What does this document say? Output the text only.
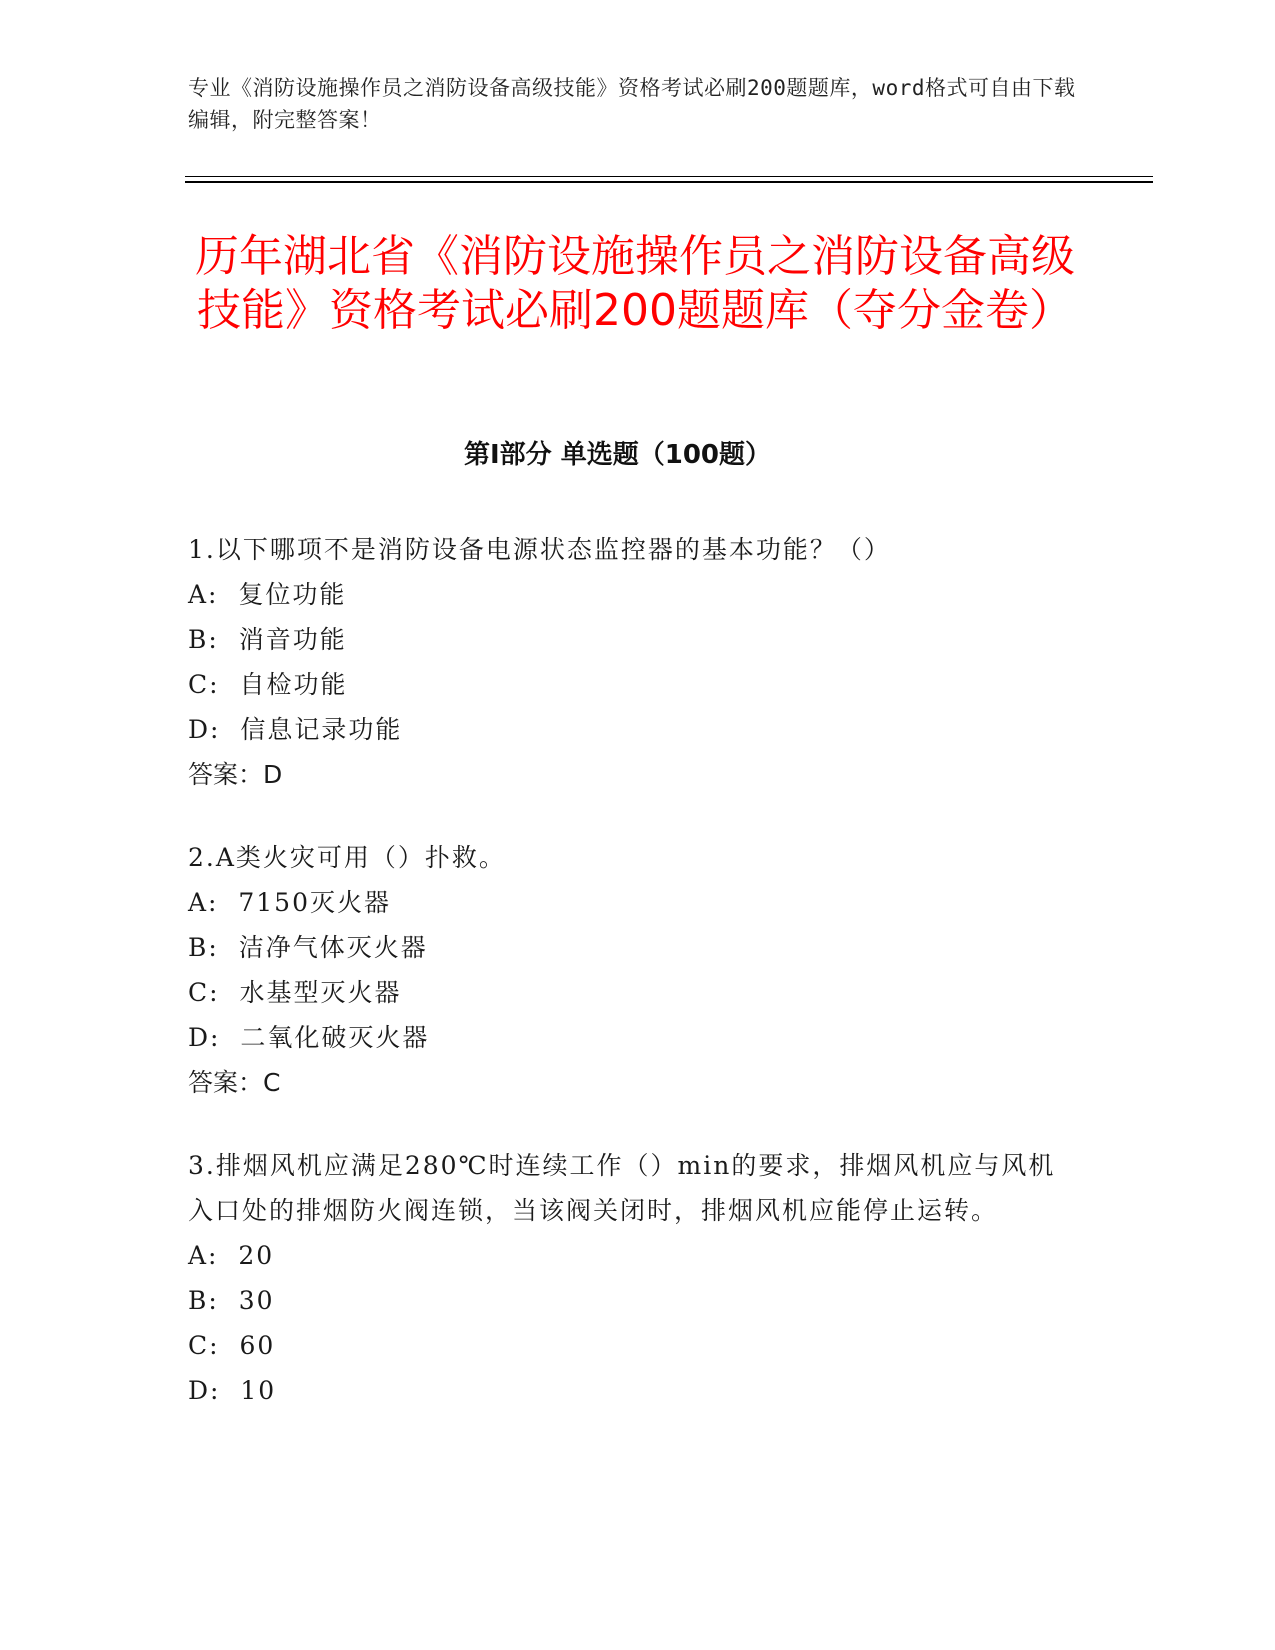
专业《消防设施操作员之消防设备高级技能》资格考试必刷200题题库，word格式可自由下载编辑，附完整答案！
历年湖北省《消防设施操作员之消防设备高级技能》资格考试必刷200题题库（夺分金卷）
第I部分 单选题（100题）

1.以下哪项不是消防设备电源状态监控器的基本功能？（）

A:  复位功能

B:  消音功能

C:  自检功能

D:  信息记录功能

答案：D

2.A类火灾可用（）扑救。

A:  7150灭火器

B:  洁净气体灭火器

C:  水基型灭火器

D:  二氧化破灭火器

答案：C

3.排烟风机应满足280℃时连续工作（）min的要求，排烟风机应与风机入口处的排烟防火阀连锁，当该阀关闭时，排烟风机应能停止运转。

A:  20

B:  30

C:  60

D:  10
